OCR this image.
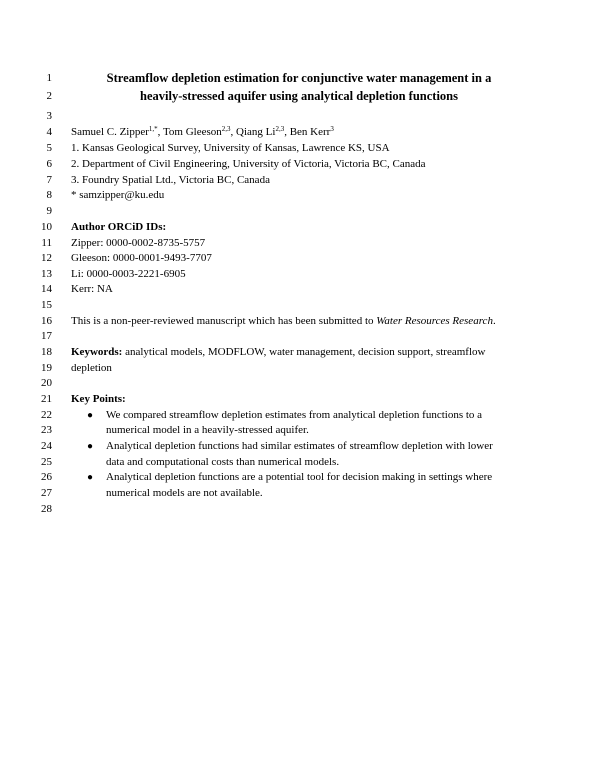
1
2
3
4
5
6
7
8
9
10
11
12
13
14
15
16
17
18
19
20
21
22
23
24
25
26
27
28
Streamflow depletion estimation for conjunctive water management in a
heavily-stressed aquifer using analytical depletion functions
Samuel C. Zipper$^{1,*}$, Tom Gleeson$^{2,3}$, Qiang Li$^{2,3}$, Ben Kerr$^3$
1. Kansas Geological Survey, University of Kansas, Lawrence KS, USA
2. Department of Civil Engineering, University of Victoria, Victoria BC, Canada
3. Foundry Spatial Ltd., Victoria BC, Canada
* samzipper@ku.edu
Author ORCiD IDs:
Zipper: 0000-0002-8735-5757
Gleeson: 0000-0001-9493-7707
Li: 0000-0003-2221-6905
Kerr: NA
This is a non-peer-reviewed manuscript which has been submitted to Water Resources Research.
Keywords: analytical models, MODFLOW, water management, decision support, streamflow
depletion
Key Points:
● We compared streamflow depletion estimates from analytical depletion functions to a
numerical model in a heavily-stressed aquifer.
● Analytical depletion functions had similar estimates of streamflow depletion with lower
data and computational costs than numerical models.
● Analytical depletion functions are a potential tool for decision making in settings where
numerical models are not available.
